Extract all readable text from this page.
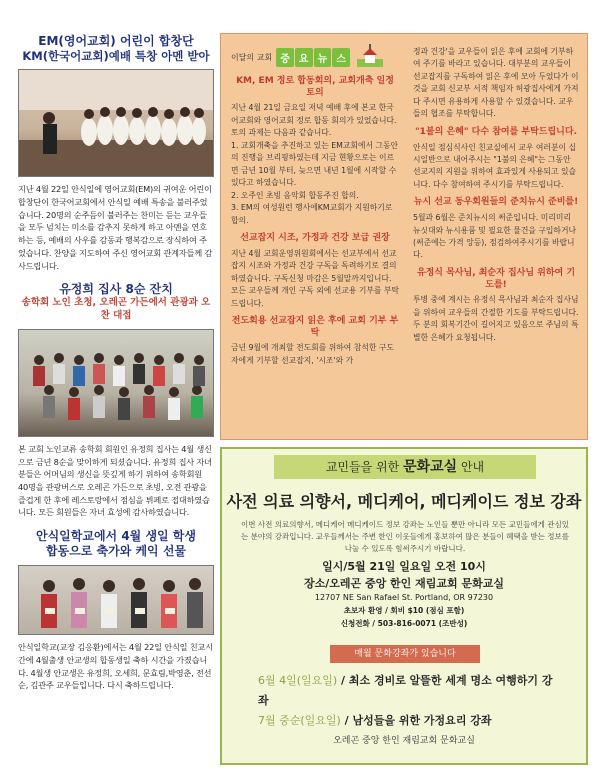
EM(영어교회) 어린이 합창단
KM(한국어교회)예배 특창 아멘 받아

지난 4월 22일 안식일에 영어교회(EM)의 귀여운 어린이 합창단이 한국어교회에서 안식일 예배 특송을 불러주었습니다. 20명의 순주듬이 불러주는 찬미는 듣는 교우들을 모두 넘치는 미소를 감추지 못하게 하고 아멘을 연호하는 등, 예배의 사우를 감동과 행복감으로 장식하여 주었습니다. 찬양을 지도하여 주신 영어교회 관계자들께 감사드립니다.

유정희 집사 8순 잔치
송학회 노인 초청, 오레곤 가든에서 관광과 오찬 대접

본 교회 노인교류 송학회 회원인 유정희 집사는 4월 생신으로 금년 8순을 맞이하게 되셨습니다. 유정희 집사 자녀분들은 어머님의 생신을 뜻깊게 하기 위하여 송학회원 40명을 관광버스로 오레곤 가든으로 초빙, 오전 관광을 즐겁게 한 후에 레스토랑에서 점심을 뷔페로 접대하였습니다. 모든 회원들은 자녀 효성에 감사하였습니다.

안식일학교에서 4월 생일 학생
합동으로 축가와 케익 선물

안식일학교(교장 김응환)에서는 4월 22일 안식일 친교시간에 4월출생 안교생의 합동생일 축하 시간을 가졌습니다. 4월생 안교생은 유정희, 오세희, 문효림,박영춘, 전선순, 김관주 교우들입니다. 다시 축하드립니다.

이달의 교회 중 요 뉴 스
KM, EM 정로 합동회의, 교회개축 일정 토의

지난 4월 21일 금요일 저녁 예배 후에 본교 한국어교회와 영어교회 정로 합동 회의가 있었습니다. 토의 과제는 다음과 같습니다.

1. 교회개축을 추진하고 있는 EM교회에서 그동안의 진행을 브리핑하였는데 지금 현황으로는 이르면 금년 10월 부터, 늦으면 내년 1월에 시작할 수 있다고 하였습니다.

2. 오주인 초빙 음악회 합동주진 합의.

3. EM의 여성원런 행사에KM교회가 지원하기로 합의.

선교잡지 시조, 가정과 건강 보급 권장

지난 4월 교회운영위원회에서는 선교부에서 선교잡지 시조와 가정과 건강 구독을 독려하기로 결의하였습니다. 구독신청 마감은 5월말까지입니다. 모든 교우들께 개인 구독 외에 선교용 기부를 부탁드립니다.

전도회용 선교잡지 읽은 후에 교회 기부 부탁

금년 9월에 개최할 전도회를 위하여 참석한 구도자에게 기부할 선교잡지, '시조'와 가

정과 건강'을 교우들이 읽은 후에 교회에 기부하여 주기를 바라고 있습니다. 대부분의 교우들이 선교잡지를 구독하여 읽은 후에 모아 두었다가 이것을 교회 신교부 서적 책임자 허광집사에게 가져다 주시면 유용하게 사용할 수 있겠습니다. 교우들의 협조를 부탁합니다.

"1불의 은혜" 다수 참여를 부탁드립니다.

안식일 점심식사인 친교실에서 교우 여러분이 십시일반으로 내어주시는 "1불의 은혜"는 그동안 선교지의 지원을 위하여 효과있게 사용되고 있습니다. 다수 참여하여 주시기를 부탁드립니다.

뉴시 선교 동우회원들의 준치뉴시 준비를!

5월과 6월은 준치뉴시의 써준입니다. 미리미리 뉴싯대와 뉴시용품 및 필요한 물건을 구입하거나(써준에는 가격 앙등), 점검하여주시기를 바랍니다.

유정식 목사님, 최순자 집사님 위하여 기도를!

투병 중에 계시는 유정식 목사님과 최순자 집사님을 위하여 교우들의 간절한 기도를 부탁드립니다. 두 분의 회복기간이 길어지고 있음으로 주님의 특별한 은혜가 요청됩니다.

교민들을 위한 문화교실 안내
사전 의료 의향서, 메디케어, 메디케이드 정보 강좌

이번 사전 의료의향서, 메디케어 메디케이드 정보 강좌는 노인들 뿐만 아니라 모든 교민들에게 관심있는 분야의 강좌입니다. 교우들께서는 주변 한인 이웃들에게 홍보하여 많은 분들이 혜택을 받는 정보를 나눌 수 있도록 힘써주시기 바랍니다.

일시/5월 21일 일요일 오전 10시
장소/오레곤 중앙 한인 재림교회 문화교실
12707 NE San Rafael St. Portland, OR 97230
초보자 환영 / 회비 $10 (점심 포함)
신청전화 / 503-816-0071 (조반성)
매월 문화강좌가 있습니다
6월 4일(일요일) / 최소 경비로 알뜰한 세계 명소 여행하기 강좌
7월 중순(일요일) / 남성들을 위한 가정요리 강좌
오레곤 중앙 한인 재림교회 문화교실
